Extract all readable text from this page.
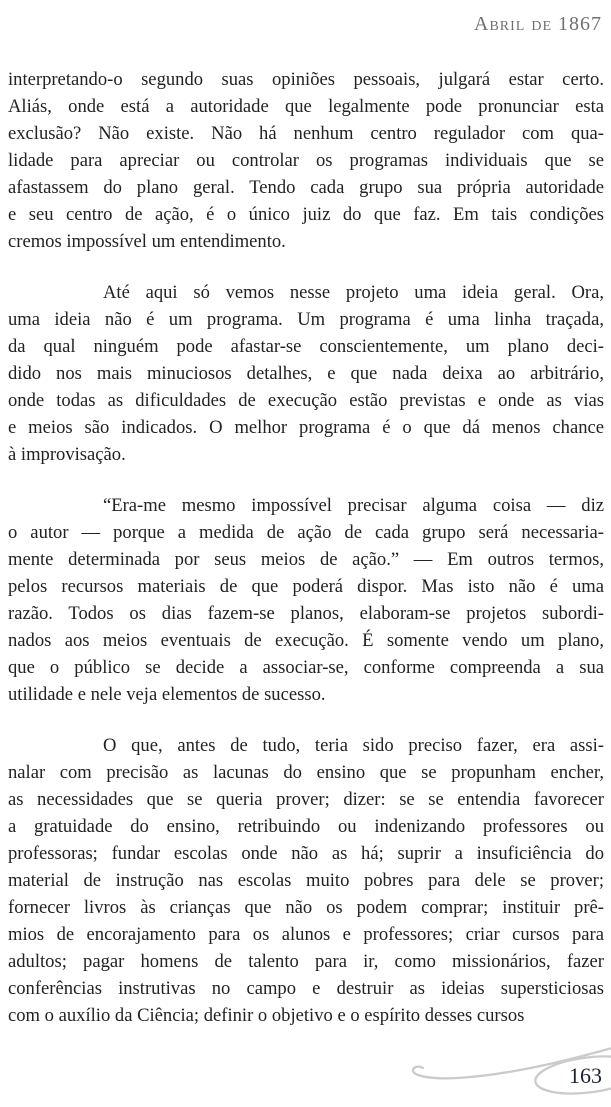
Abril de 1867

interpretando-o segundo suas opiniões pessoais, julgará estar certo.
Aliás, onde está a autoridade que legalmente pode pronunciar esta
exclusão? Não existe. Não há nenhum centro regulador com qua-
lidade para apreciar ou controlar os programas individuais que se
afastassem do plano geral. Tendo cada grupo sua própria autoridade
e seu centro de ação, é o único juiz do que faz. Em tais condições
cremos impossível um entendimento.

Até aqui só vemos nesse projeto uma ideia geral. Ora,
uma ideia não é um programa. Um programa é uma linha traçada,
da qual ninguém pode afastar-se conscientemente, um plano deci-
dido nos mais minuciosos detalhes, e que nada deixa ao arbitrário,
onde todas as dificuldades de execução estão previstas e onde as vias
e meios são indicados. O melhor programa é o que dá menos chance
à improvisação.

“Era-me mesmo impossível precisar alguma coisa — diz
o autor — porque a medida de ação de cada grupo será necessaria-
mente determinada por seus meios de ação.” — Em outros termos,
pelos recursos materiais de que poderá dispor. Mas isto não é uma
razão. Todos os dias fazem-se planos, elaboram-se projetos subordi-
nados aos meios eventuais de execução. É somente vendo um plano,
que o público se decide a associar-se, conforme compreenda a sua
utilidade e nele veja elementos de sucesso.

O que, antes de tudo, teria sido preciso fazer, era assi-
nalar com precisão as lacunas do ensino que se propunham encher,
as necessidades que se queria prover; dizer: se se entendia favorecer
a gratuidade do ensino, retribuindo ou indenizando professores ou
professoras; fundar escolas onde não as há; suprir a insuficiência do
material de instrução nas escolas muito pobres para dele se prover;
fornecer livros às crianças que não os podem comprar; instituir prê-
mios de encorajamento para os alunos e professores; criar cursos para
adultos; pagar homens de talento para ir, como missionários, fazer
conferências instrutivas no campo e destruir as ideias supersticiosas
com o auxílio da Ciência; definir o objetivo e o espírito desses cursos

163
